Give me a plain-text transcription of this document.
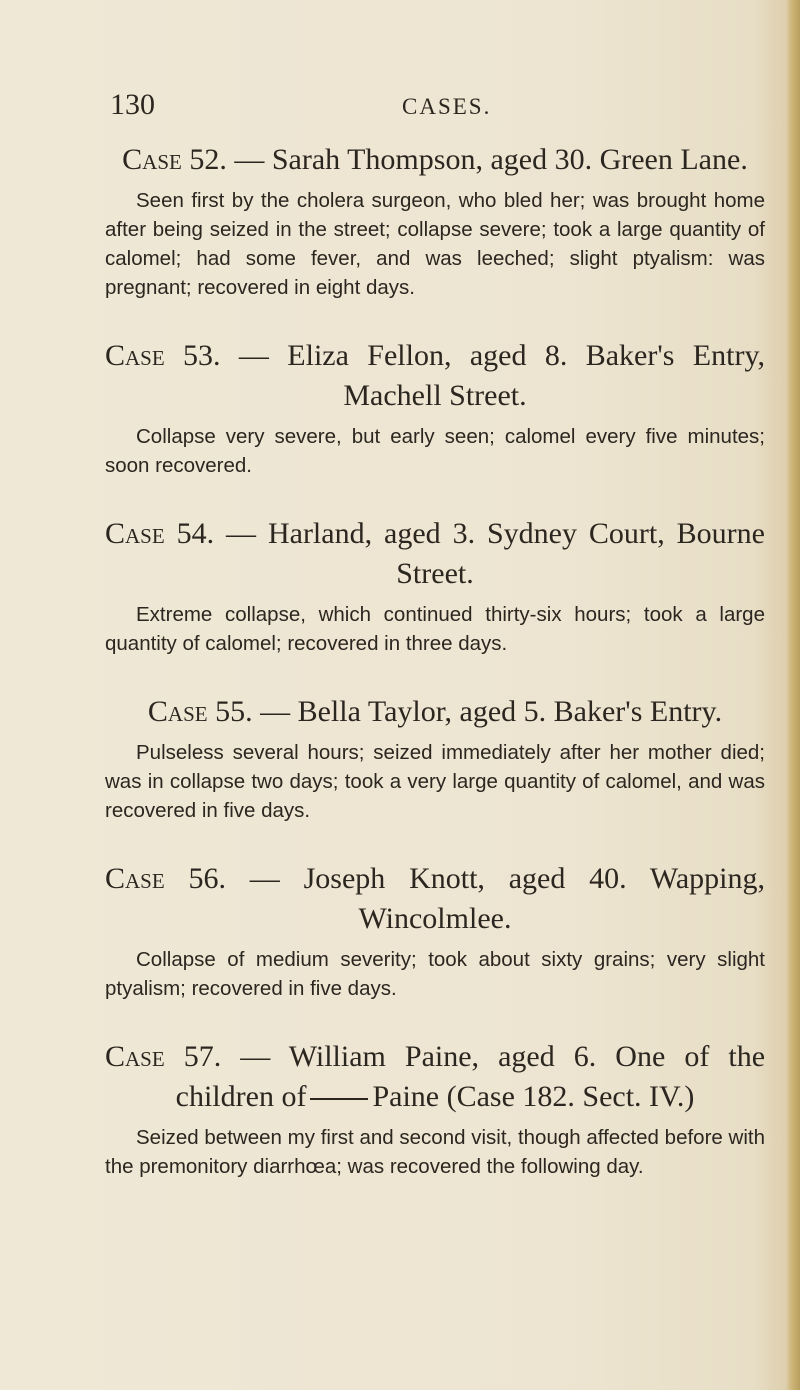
130	CASES.
Case 52. — Sarah Thompson, aged 30. Green Lane.
Seen first by the cholera surgeon, who bled her; was brought home after being seized in the street; collapse severe; took a large quantity of calomel; had some fever, and was leeched; slight ptyalism: was pregnant; recovered in eight days.
Case 53. — Eliza Fellon, aged 8. Baker's Entry, Machell Street.
Collapse very severe, but early seen; calomel every five minutes; soon recovered.
Case 54. — Harland, aged 3. Sydney Court, Bourne Street.
Extreme collapse, which continued thirty-six hours; took a large quantity of calomel; recovered in three days.
Case 55. — Bella Taylor, aged 5. Baker's Entry.
Pulseless several hours; seized immediately after her mother died; was in collapse two days; took a very large quantity of calomel, and was recovered in five days.
Case 56. — Joseph Knott, aged 40. Wapping, Wincolmlee.
Collapse of medium severity; took about sixty grains; very slight ptyalism; recovered in five days.
Case 57. — William Paine, aged 6. One of the children of Paine (Case 182. Sect. IV.)
Seized between my first and second visit, though affected before with the premonitory diarrhœa; was recovered the following day.
